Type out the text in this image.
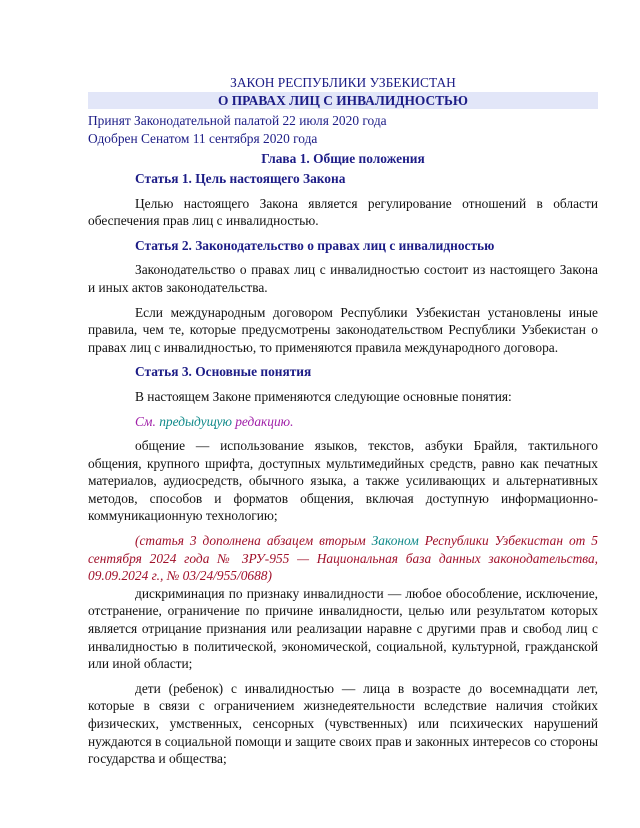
ЗАКОН РЕСПУБЛИКИ УЗБЕКИСТАН
О ПРАВАХ ЛИЦ С ИНВАЛИДНОСТЬЮ
Принят Законодательной палатой 22 июля 2020 года
Одобрен Сенатом 11 сентября 2020 года
Глава 1. Общие положения
Статья 1. Цель настоящего Закона

Целью настоящего Закона является регулирование отношений в области обеспечения прав лиц с инвалидностью.

Статья 2. Законодательство о правах лиц с инвалидностью

Законодательство о правах лиц с инвалидностью состоит из настоящего Закона и иных актов законодательства.

Если международным договором Республики Узбекистан установлены иные правила, чем те, которые предусмотрены законодательством Республики Узбекистан о правах лиц с инвалидностью, то применяются правила международного договора.

Статья 3. Основные понятия

В настоящем Законе применяются следующие основные понятия:

См. предыдущую редакцию.

общение — использование языков, текстов, азбуки Брайля, тактильного общения, крупного шрифта, доступных мультимедийных средств, равно как печатных материалов, аудиосредств, обычного языка, а также усиливающих и альтернативных методов, способов и форматов общения, включая доступную информационно-коммуникационную технологию;

(статья 3 дополнена абзацем вторым Законом Республики Узбекистан от 5 сентября 2024 года № ЗРУ-955 — Национальная база данных законодательства, 09.09.2024 г., № 03/24/955/0688)

дискриминация по признаку инвалидности — любое обособление, исключение, отстранение, ограничение по причине инвалидности, целью или результатом которых является отрицание признания или реализации наравне с другими прав и свобод лиц с инвалидностью в политической, экономической, социальной, культурной, гражданской или иной области;

дети (ребенок) с инвалидностью — лица в возрасте до восемнадцати лет, которые в связи с ограничением жизнедеятельности вследствие наличия стойких физических, умственных, сенсорных (чувственных) или психических нарушений нуждаются в социальной помощи и защите своих прав и законных интересов со стороны государства и общества;
